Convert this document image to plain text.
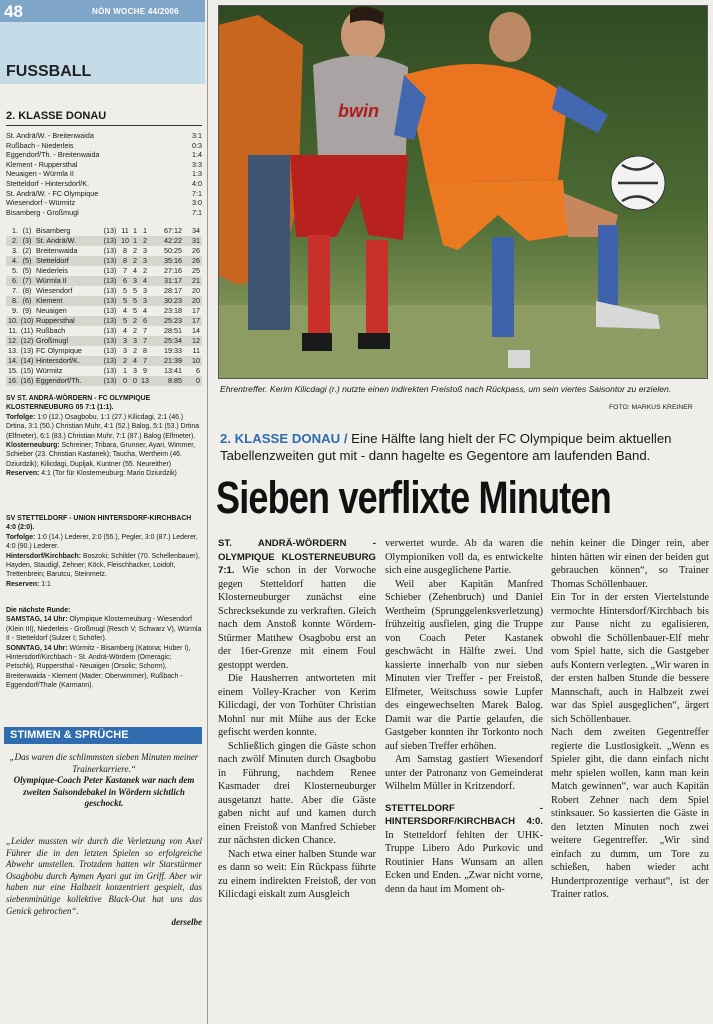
48	NÖN WOCHE 44/2006
FUSSBALL
2. KLASSE DONAU
St. Andrä/W. - Breitenwaida	3:1
Rußbach - Niederleis	0:3
Eggendorf/Th. - Breitenwaida	1:4
Klement - Ruppersthal	3:3
Neuaigen - Würmla II	1:3
Stetteldorf - Hintersdorf/K.	4:0
St. Andrä/W. - FC Olympique	7:1
Wiesendorf - Würmitz	3:0
Bisamberg - Großmugl	7:1
1. (1) Bisamberg	(13) 11 1 1	67:12	34
2. (3) St. Andrä/W.	(13) 10 1 2	42:22	31
3. (2) Breitenwaida	(13) 8 2 3	50:25	26
4. (5) Stetteldorf	(13) 8 2 3	35:16	26
5. (5) Niederleis	(13) 7 4 2	27:16	25
6. (7) Würmla II	(13) 6 3 4	31:17	21
7. (8) Wiesendorf	(13) 5 5 3	28:17	20
8. (6) Klement	(13) 5 5 3	30:23	20
9. (9) Neuaigen	(13) 4 5 4	23:18	17
10. (10) Ruppersthal	(13) 5 2 6	25:23	17
11. (11) Rußbach	(13) 4 2 7	28:51	14
12. (12) Großmugl	(13) 3 3 7	25:34	12
13. (13) FC Olympique	(13) 3 2 8	19:33	11
14. (14) Hintersdorf/K.	(13) 2 4 7	21:39	10
15. (15) Würmitz	(13) 1 3 9	13:41	6
16. (16) Eggendorf/Th.	(13) 0 0 13	8:85	0
SV ST. ANDRÄ-WÖRDERN - FC OLYMPIQUE KLOSTERNEUBURG 05 7:1 (1:1).
Torfolge: 1:0 (12.) Osagbobu, 1:1 (27.) Kilicdagi, 2:1 (46.) Drtina, 3:1 (50.) Christian Muhr, 4:1 (52.) Balog, 5:1 (53.) Drtina (Elfmeter), 6:1 (83.) Christian Muhr, 7:1 (87.) Balog (Elfmeter).
Klosterneuburg: Schreiner; Tribara, Grunner, Ayari, Wimmer, Schieber (23. Christian Kastanek); Taucha, Wertheim (46. Dziurdzik); Kilicdagi, Dupljak, Kuntner (55. Neureither)
Reserven: 4:1 (Tor für Klosterneuburg: Mario Dziurdzik)
SV STETTELDORF - UNION HINTERSDORF-KIRCHBACH 4:0 (2:0).
Torfolge: 1:0 (14.) Lederer, 2:0 (55.), Pegler, 3:0 (87.) Lederer, 4:0 (90.) Lederer.
Hintersdorf/Kirchbach: Boszoki; Schilder (70. Schellenbauer), Hayden, Staudigl, Zehner; Köck, Fleischhacker, Loidolt, Trettenbrein; Barutcu, Steinmetz.
Reserven: 1:1
Die nächste Runde:
SAMSTAG, 14 Uhr: Olympique Klosterneuburg - Wiesendorf (Klein III), Niederleis - Großmugl (Resch V; Schwarz V), Würmla II - Stetteldorf (Sulzer I; Schöfer).
SONNTAG, 14 Uhr: Würmitz - Bisamberg (Katona; Huber I), Hintersdorf/Kirchbach - St. Andrä-Wördern (Omeragic; Petschk), Ruppersthal - Neuaigen (Orsolic; Schorm), Breitenwaida - Klement (Mader; Oberwimmer), Rußbach - Eggendorf/Thale (Karmann).
STIMMEN & SPRÜCHE
„Das waren die schlimmsten sieben Minuten meiner Trainerkarriere.“
Olympique-Coach Peter Kastanek war nach dem zweiten Saisondebakel in Wördern sichtlich geschockt.
„Leider mussten wir durch die Verletzung von Axel Führer die in den letzten Spielen so erfolgreiche Abwehr umstellen. Trotzdem hatten wir Starstürmer Osagbobu durch Aymen Ayari gut im Griff. Aber wir haben nur eine Halbzeit konzentriert gespielt, das siebenminütige kollektive Black-Out hat uns das Genick gebrochen“.
derselbe
bwin
Ehrentreffer. Kerim Kilicdagi (r.) nutzte einen indirekten Freistoß nach Rückpass, um sein viertes Saisontor zu erzielen.
FOTO: MARKUS KREINER
2. KLASSE DONAU / Eine Hälfte lang hielt der FC Olympique beim aktuellen Tabellenzweiten gut mit - dann hagelte es Gegentore am laufenden Band.
Sieben verflixte Minuten

ST. ANDRÄ-WÖRDERN - OLYMPIQUE KLOSTERNEUBURG 7:1. Wie schon in der Vorwoche gegen Stetteldorf hatten die Klosterneuburger zunächst eine Schrecksekunde zu verkraften. Gleich nach dem Anstoß konnte Wördern-Stürmer Matthew Osagbobu erst an der 16er-Grenze mit einem Foul gestoppt werden.

Die Hausherren antworteten mit einem Volley-Kracher von Kerim Kilicdagi, der von Torhüter Christian Mohnl nur mit Mühe aus der Ecke gefischt werden konnte.

Schließlich gingen die Gäste schon nach zwölf Minuten durch Osagbobu in Führung, nachdem Renee Kasmader drei Klosterneuburger ausgetanzt hatte. Aber die Gäste gaben nicht auf und kamen durch einen Freistoß von Manfred Schieber zur nächsten dicken Chance.

Nach etwa einer halben Stunde war es dann so weit: Ein Rückpass führte zu einem indirekten Freistoß, der von Kilicdagi eiskalt zum Ausgleich

verwertet wurde. Ab da waren die Olympioniken voll da, es entwickelte sich eine ausgeglichene Partie.

Weil aber Kapitän Manfred Schieber (Zehenbruch) und Daniel Wertheim (Sprunggelenksverletzung) frühzeitig ausfielen, ging die Truppe von Coach Peter Kastanek geschwächt in Hälfte zwei. Und kassierte innerhalb von nur sieben Minuten vier Treffer - per Freistoß, Elfmeter, Weitschuss sowie Lupfer des eingewechselten Marek Balog. Damit war die Partie gelaufen, die Gastgeber konnten ihr Torkonto noch auf sieben Treffer erhöhen.

Am Samstag gastiert Wiesendorf unter der Patronanz von Gemeinderat Wilhelm Müller in Kritzendorf.

STETTELDORF - HINTERSDORF/KIRCHBACH 4:0. In Stetteldorf fehlten der UHK-Truppe Libero Ado Purkovic und Routinier Hans Wunsam an allen Ecken und Enden. „Zwar nicht vorne, denn da haut im Moment oh-

nehin keiner die Dinger rein, aber hinten hätten wir einen der beiden gut gebrauchen können“, so Trainer Thomas Schöllenbauer.

Ein Tor in der ersten Viertelstunde vermochte Hintersdorf/Kirchbach bis zur Pause nicht zu egalisieren, obwohl die Schöllenbauer-Elf mehr vom Spiel hatte, sich die Gastgeber aufs Kontern verlegten. „Wir waren in der ersten halben Stunde die bessere Mannschaft, auch in Halbzeit zwei war das Spiel ausgeglichen“, ärgert sich Schöllenbauer.

Nach dem zweiten Gegentreffer regierte die Lustlosigkeit. „Wenn es Spieler gibt, die dann einfach nicht mehr spielen wollen, kann man kein Match gewinnen“, war auch Kapitän Robert Zehner nach dem Spiel stinksauer. So kassierten die Gäste in den letzten Minuten noch zwei weitere Gegentreffer. „Wir sind einfach zu dumm, um Tore zu schießen, haben wieder acht Hundertprozentige verhaut“, ist der Trainer ratlos.
